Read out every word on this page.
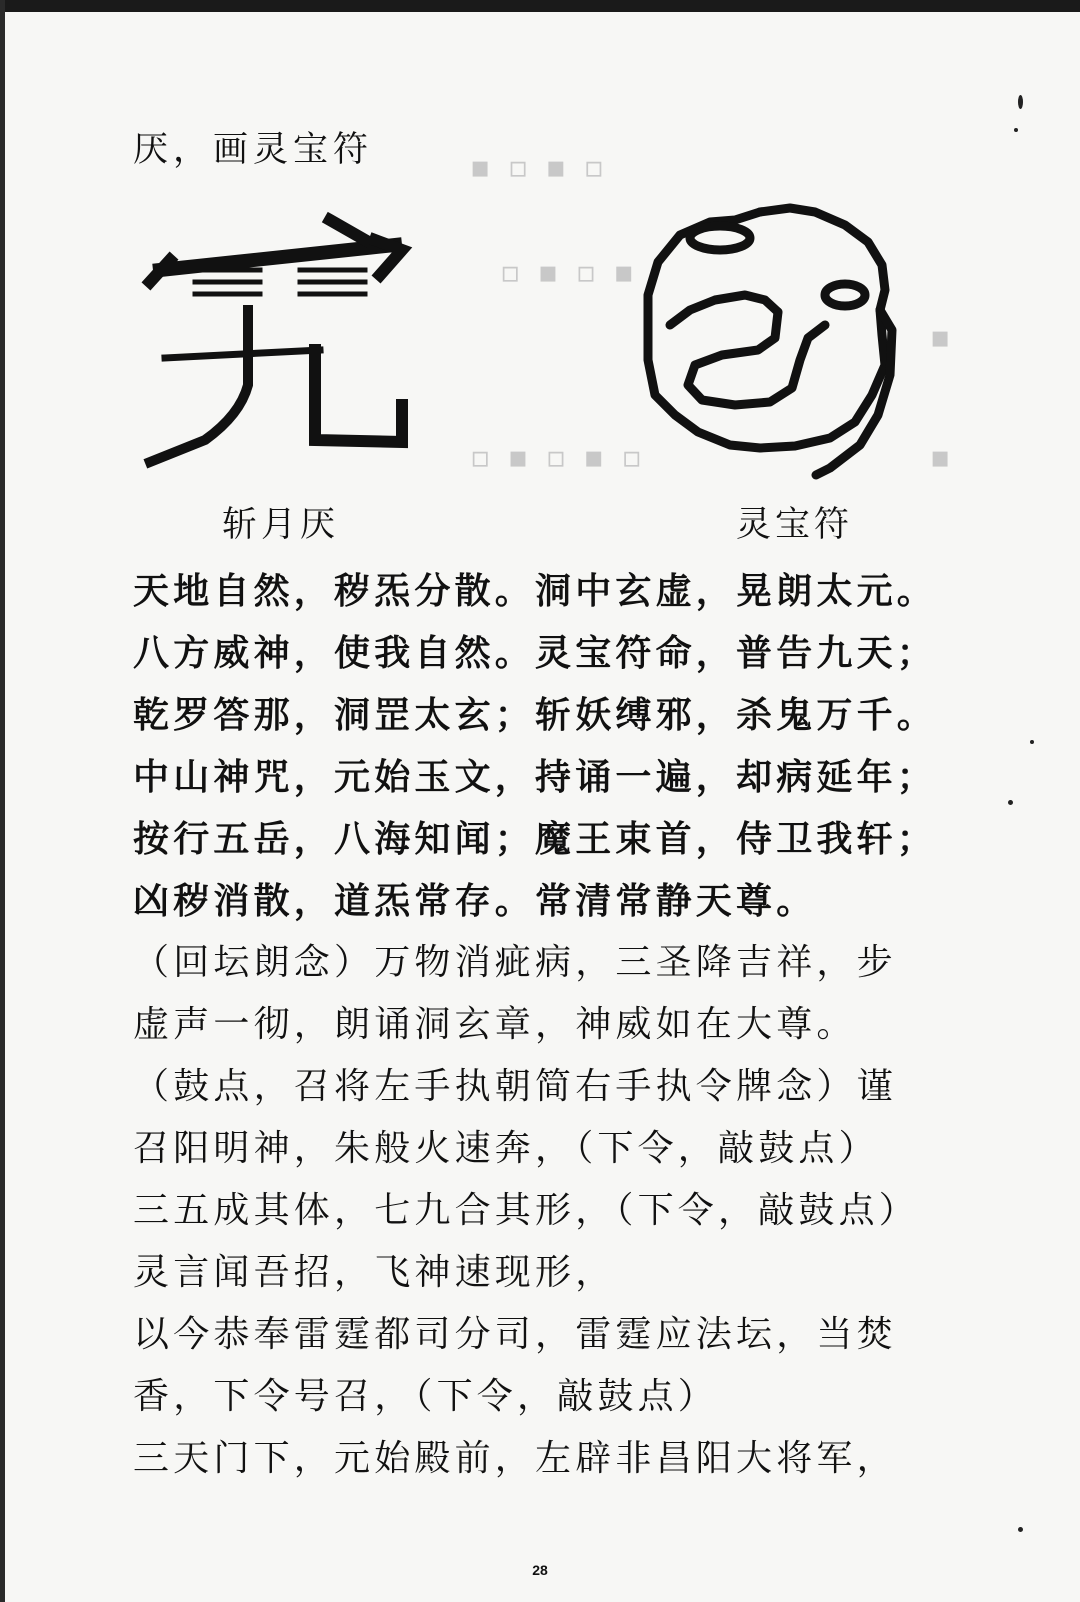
▪ ▫ ▪ ▫
▫ ▪ ▫ ▪
▪
▪
▫ ▪ ▫ ▪ ▫
厌，画灵宝符
斩月厌	灵宝符
天地自然，秽炁分散。洞中玄虚，晃朗太元。
八方威神，使我自然。灵宝符命，普告九天；
乾罗答那，洞罡太玄；斩妖缚邪，杀鬼万千。
中山神咒，元始玉文，持诵一遍，却病延年；
按行五岳，八海知闻；魔王束首，侍卫我轩；
凶秽消散，道炁常存。常清常静天尊。
（回坛朗念）万物消疵病，三圣降吉祥，步
虚声一彻，朗诵洞玄章，神威如在大尊。
（鼓点，召将左手执朝简右手执令牌念）谨
召阳明神，朱般火速奔，（下令，敲鼓点）
三五成其体，七九合其形，（下令，敲鼓点）
灵言闻吾招，飞神速现形，
以今恭奉雷霆都司分司，雷霆应法坛，当焚
香，下令号召，（下令，敲鼓点）
三天门下，元始殿前，左辟非昌阳大将军，
28
